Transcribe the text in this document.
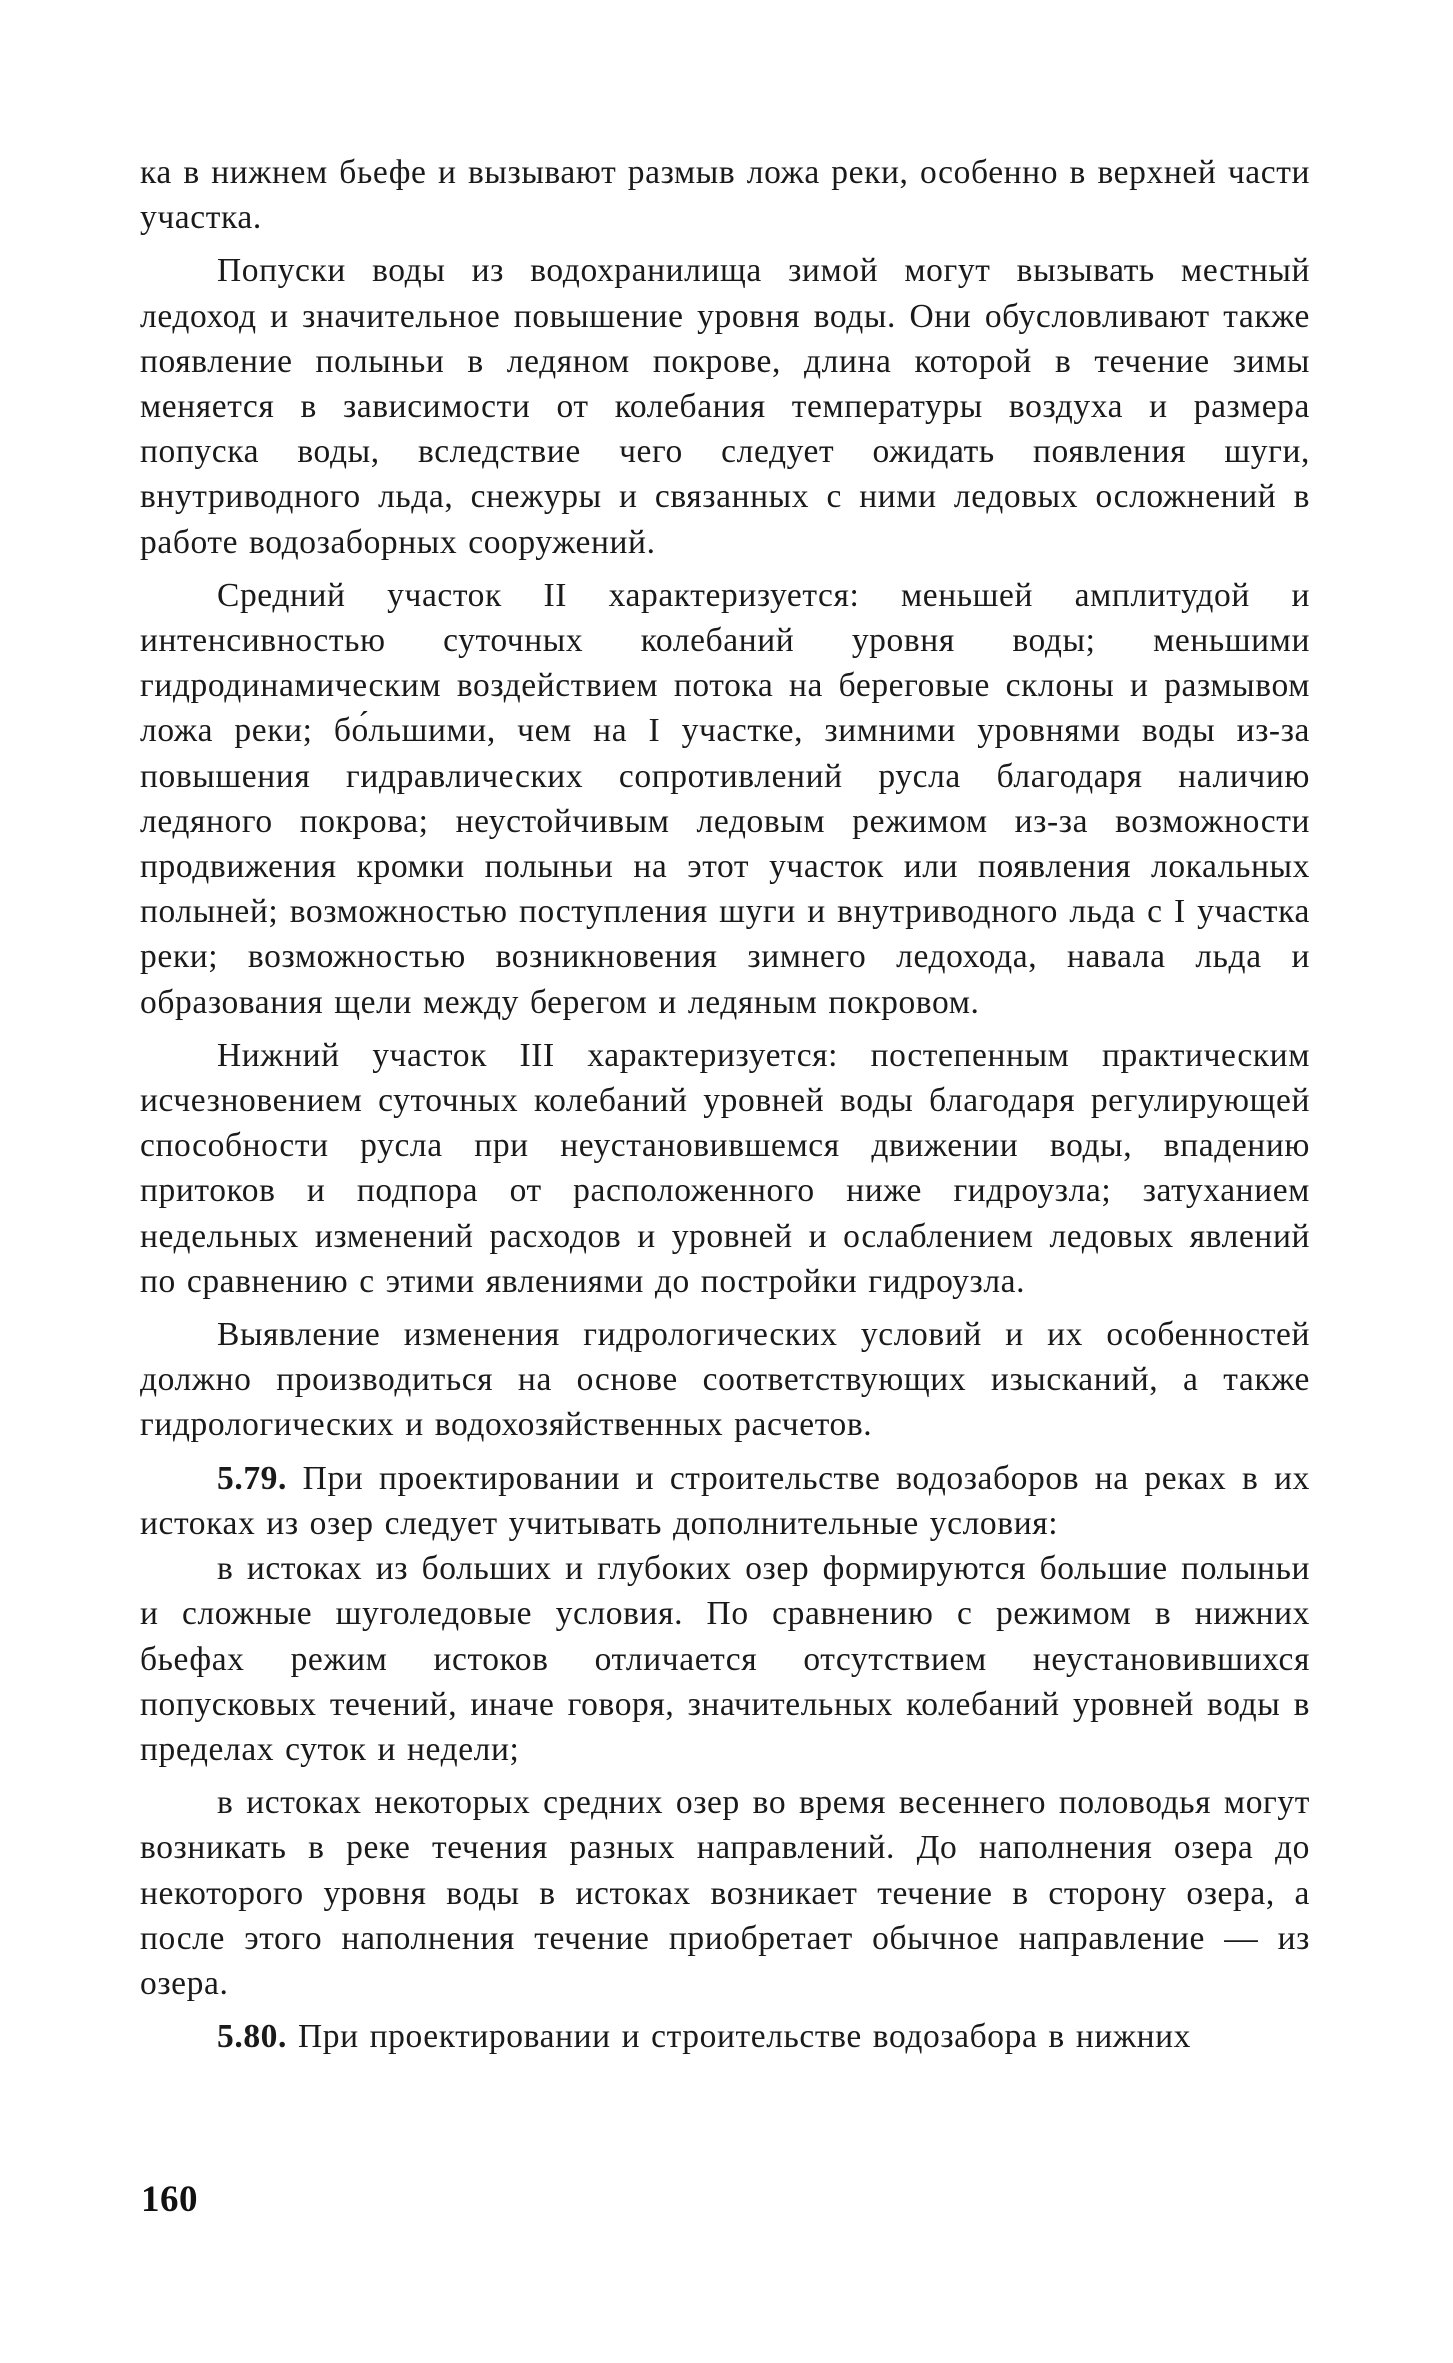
ка в нижнем бьефе и вызывают размыв ложа реки, особенно в верхней части участка.

Попуски воды из водохранилища зимой могут вызывать местный ледоход и значительное повышение уровня воды. Они обусловливают также появление полыньи в ледяном покрове, длина которой в течение зимы меняется в зависимости от колебания температуры воздуха и размера попуска воды, вследствие чего следует ожидать появления шуги, внутриводного льда, снежуры и связанных с ними ледовых осложнений в работе водозаборных сооружений.

Средний участок II характеризуется: меньшей амплитудой и интенсивностью суточных колебаний уровня воды; меньшими гидродинамическим воздействием потока на береговые склоны и размывом ложа реки; бо́льшими, чем на I участке, зимними уровнями воды из-за повышения гидравлических сопротивлений русла благодаря наличию ледяного покрова; неустойчивым ледовым режимом из-за возможности продвижения кромки полыньи на этот участок или появления локальных полыней; возможностью поступления шуги и внутриводного льда с I участка реки; возможностью возникновения зимнего ледохода, навала льда и образования щели между берегом и ледяным покровом.

Нижний участок III характеризуется: постепенным практическим исчезновением суточных колебаний уровней воды благодаря регулирующей способности русла при неустановившемся движении воды, впадению притоков и подпора от расположенного ниже гидроузла; затуханием недельных изменений расходов и уровней и ослаблением ледовых явлений по сравнению с этими явлениями до постройки гидроузла.

Выявление изменения гидрологических условий и их особенностей должно производиться на основе соответствующих изысканий, а также гидрологических и водохозяйственных расчетов.

5.79. При проектировании и строительстве водозаборов на реках в их истоках из озер следует учитывать дополнительные условия:

в истоках из больших и глубоких озер формируются большие полыньи и сложные шуголедовые условия. По сравнению с режимом в нижних бьефах режим истоков отличается отсутствием неустановившихся попусковых течений, иначе говоря, значительных колебаний уровней воды в пределах суток и недели;

в истоках некоторых средних озер во время весеннего половодья могут возникать в реке течения разных направлений. До наполнения озера до некоторого уровня воды в истоках возникает течение в сторону озера, а после этого наполнения течение приобретает обычное направление — из озера.

5.80. При проектировании и строительстве водозабора в нижних

160
